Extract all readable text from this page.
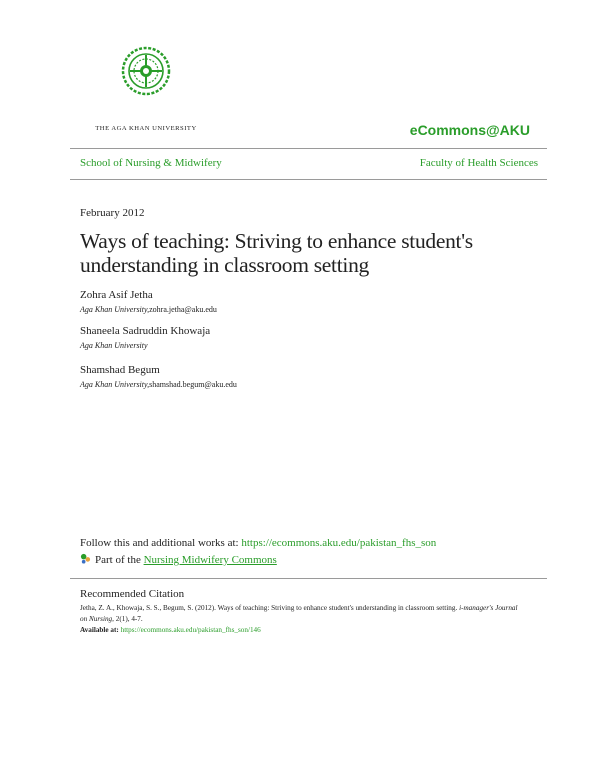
THE AGA KHAN UNIVERSITY	eCommons@AKU
School of Nursing & Midwifery	Faculty of Health Sciences
February 2012
Ways of teaching: Striving to enhance student's understanding in classroom setting
Zohra Asif Jetha
Aga Khan University,zohra.jetha@aku.edu
Shaneela Sadruddin Khowaja
Aga Khan University
Shamshad Begum
Aga Khan University,shamshad.begum@aku.edu
Follow this and additional works at: https://ecommons.aku.edu/pakistan_fhs_son
Part of the Nursing Midwifery Commons
Recommended Citation
Jetha, Z. A., Khowaja, S. S., Begum, S. (2012). Ways of teaching: Striving to enhance student's understanding in classroom setting. i-manager's Journal on Nursing, 2(1), 4-7.
Available at: https://ecommons.aku.edu/pakistan_fhs_son/146
